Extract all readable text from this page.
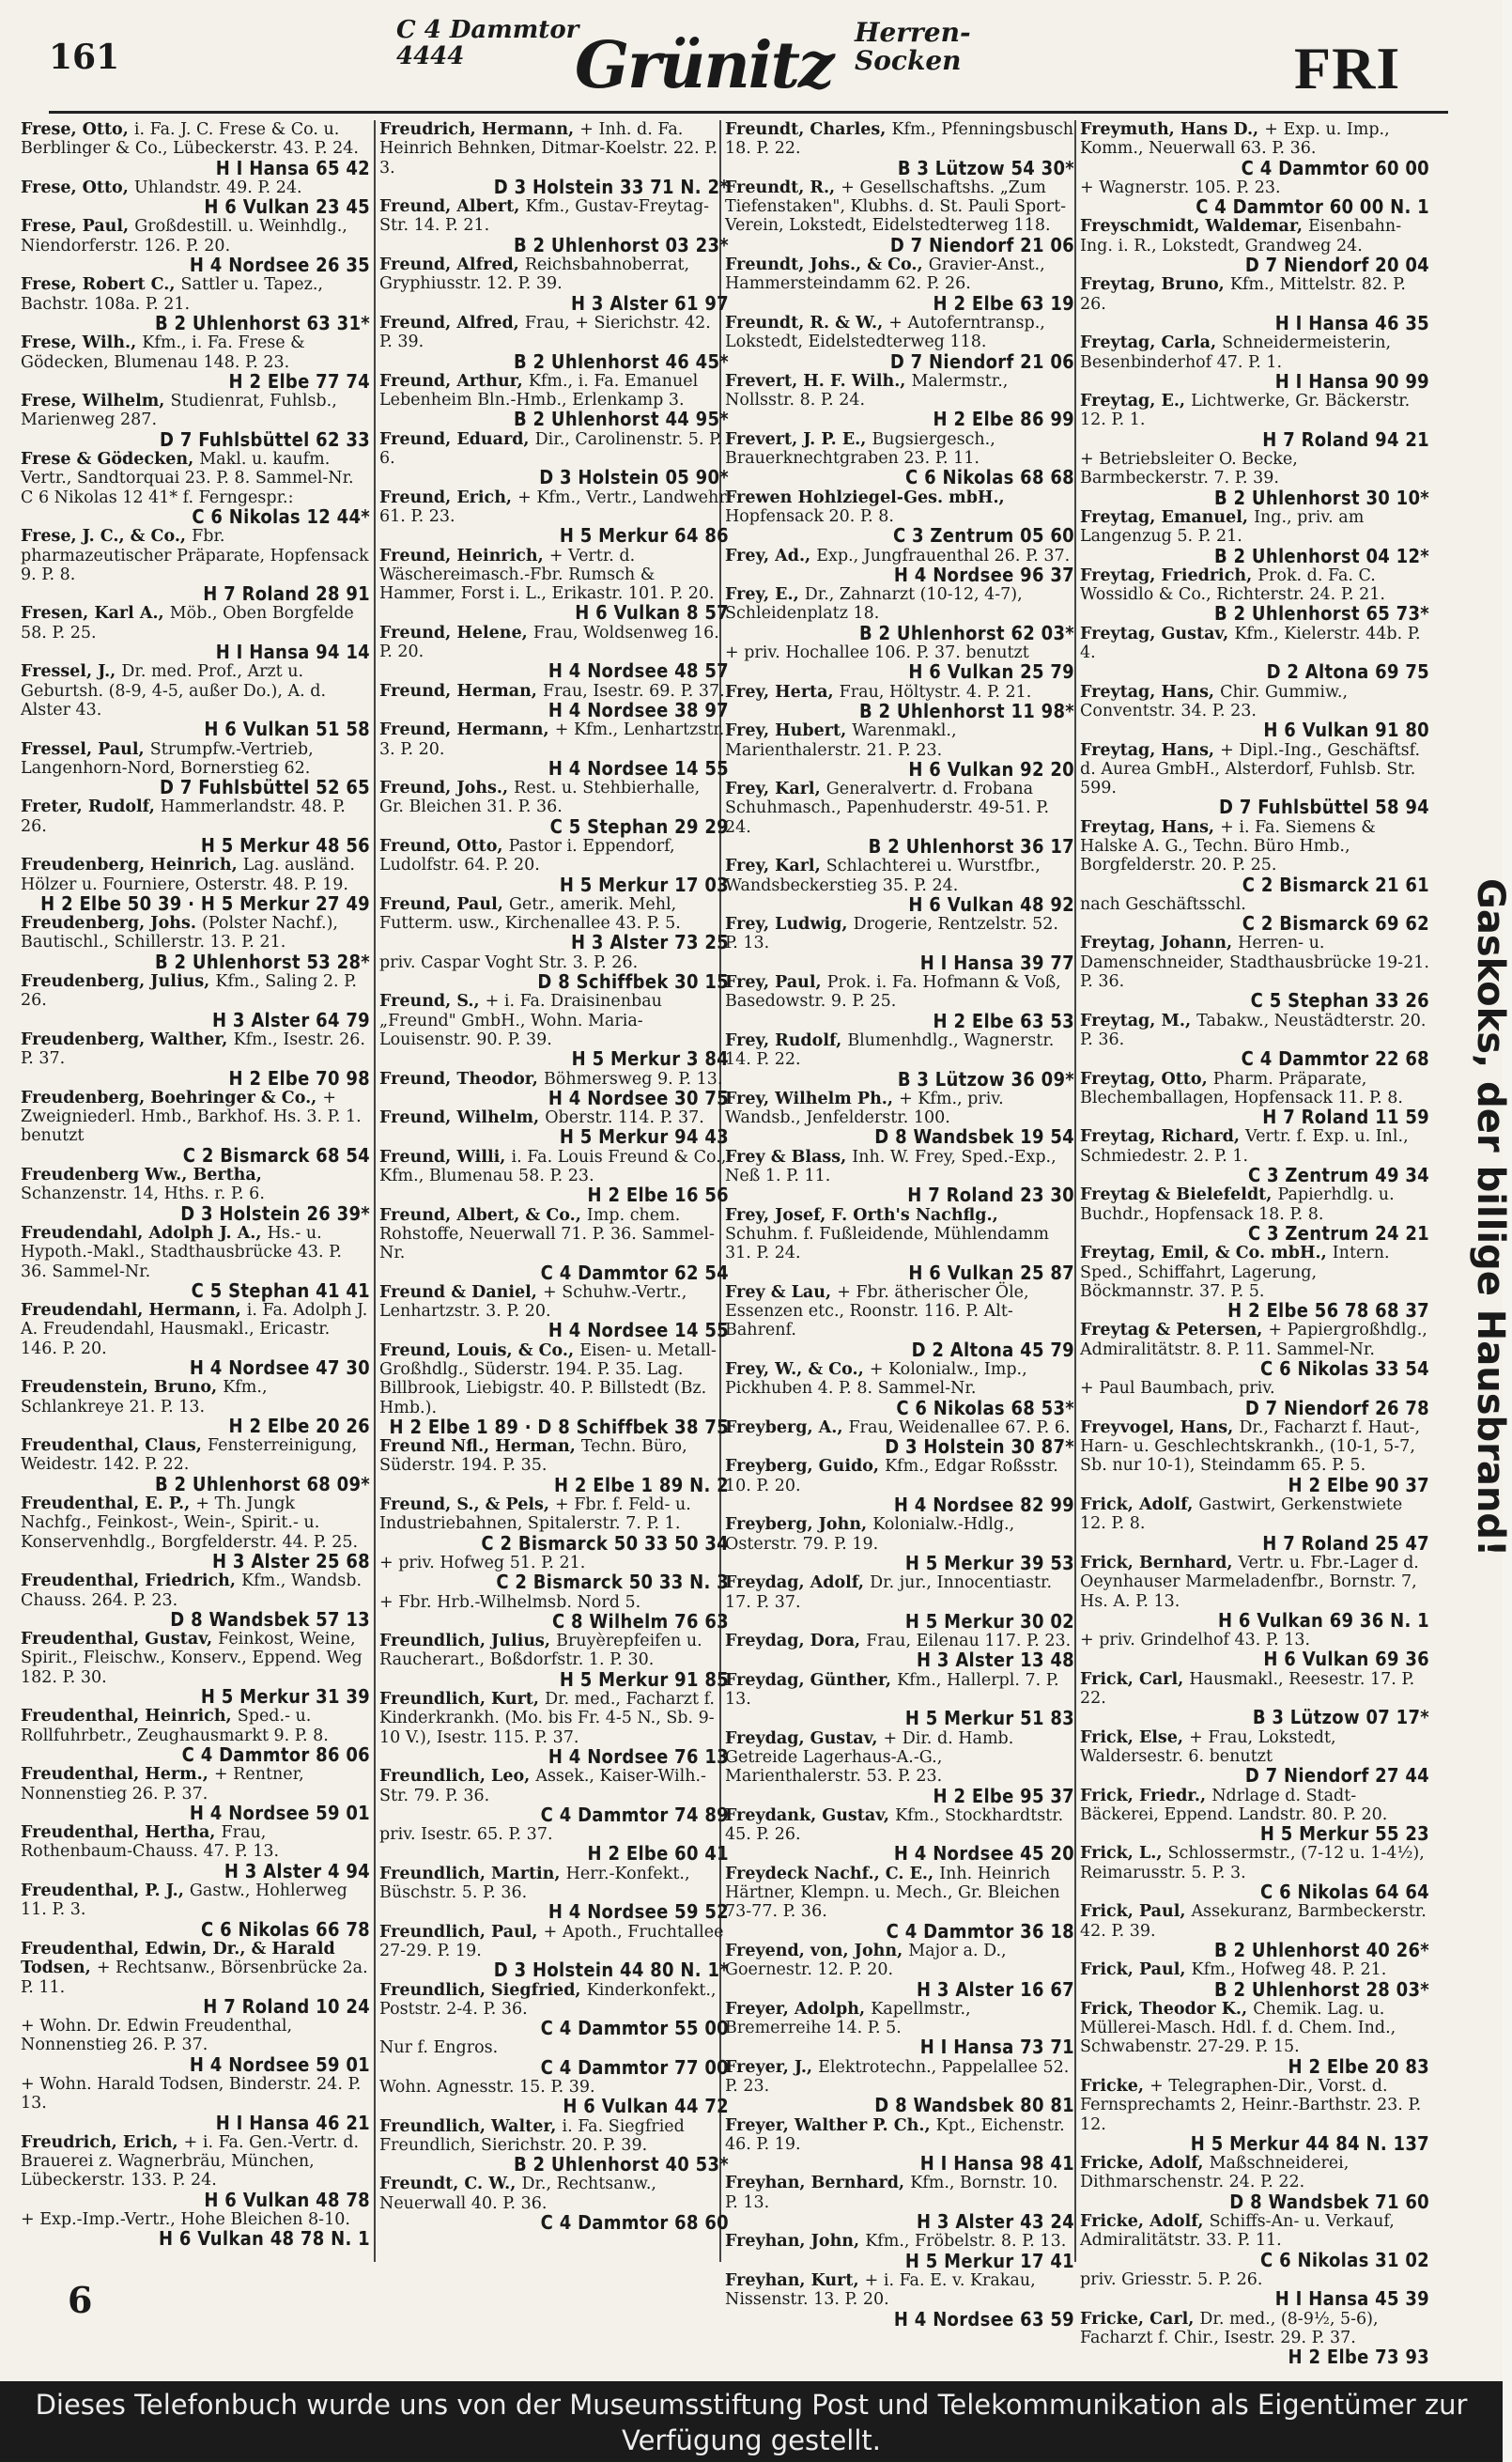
161
C 4 Dammtor
4444	Grünitz Herren-
Socken	FRI
Frese, Otto, i. Fa. J. C. Frese & Co. u. Berblinger & Co., Lübeckerstr. 43. P. 24.
H I Hansa 65 42
Frese, Otto, Uhlandstr. 49. P. 24.
H 6 Vulkan 23 45
Frese, Paul, Großdestill. u. Weinhdlg., Niendorferstr. 126. P. 20.
H 4 Nordsee 26 35
Frese, Robert C., Sattler u. Tapez., Bachstr. 108a. P. 21.
B 2 Uhlenhorst 63 31*
Frese, Wilh., Kfm., i. Fa. Frese & Gödecken, Blumenau 148. P. 23.
H 2 Elbe 77 74
Frese, Wilhelm, Studienrat, Fuhlsb., Marienweg 287.
D 7 Fuhlsbüttel 62 33
Frese & Gödecken, Makl. u. kaufm. Vertr., Sandtorquai 23. P. 8. Sammel-Nr. C 6 Nikolas 12 41* f. Ferngespr.:
C 6 Nikolas 12 44*
Frese, J. C., & Co., Fbr. pharmazeutischer Präparate, Hopfensack 9. P. 8.
H 7 Roland 28 91
Fresen, Karl A., Möb., Oben Borgfelde 58. P. 25.
H I Hansa 94 14
Fressel, J., Dr. med. Prof., Arzt u. Geburtsh. (8-9, 4-5, außer Do.), A. d. Alster 43.
H 6 Vulkan 51 58
Fressel, Paul, Strumpfw.-Vertrieb, Langenhorn-Nord, Bornerstieg 62.
D 7 Fuhlsbüttel 52 65
Freter, Rudolf, Hammerlandstr. 48. P. 26.
H 5 Merkur 48 56
Freudenberg, Heinrich, Lag. ausländ. Hölzer u. Fourniere, Osterstr. 48. P. 19.
H 2 Elbe 50 39 · H 5 Merkur 27 49
Freudenberg, Johs. (Polster Nachf.), Bautischl., Schillerstr. 13. P. 21.
B 2 Uhlenhorst 53 28*
Freudenberg, Julius, Kfm., Saling 2. P. 26.
H 3 Alster 64 79
Freudenberg, Walther, Kfm., Isestr. 26. P. 37.
H 2 Elbe 70 98
Freudenberg, Boehringer & Co., + Zweigniederl. Hmb., Barkhof. Hs. 3. P. 1. benutzt
C 2 Bismarck 68 54
Freudenberg Ww., Bertha, Schanzenstr. 14, Hths. r. P. 6.
D 3 Holstein 26 39*
Freudendahl, Adolph J. A., Hs.- u. Hypoth.-Makl., Stadthausbrücke 43. P. 36. Sammel-Nr.
C 5 Stephan 41 41
Freudendahl, Hermann, i. Fa. Adolph J. A. Freudendahl, Hausmakl., Ericastr. 146. P. 20.
H 4 Nordsee 47 30
Freudenstein, Bruno, Kfm., Schlankreye 21. P. 13.
H 2 Elbe 20 26
Freudenthal, Claus, Fensterreinigung, Weidestr. 142. P. 22.
B 2 Uhlenhorst 68 09*
Freudenthal, E. P., + Th. Jungk Nachfg., Feinkost-, Wein-, Spirit.- u. Konservenhdlg., Borgfelderstr. 44. P. 25.
H 3 Alster 25 68
Freudenthal, Friedrich, Kfm., Wandsb. Chauss. 264. P. 23.
D 8 Wandsbek 57 13
Freudenthal, Gustav, Feinkost, Weine, Spirit., Fleischw., Konserv., Eppend. Weg 182. P. 30.
H 5 Merkur 31 39
Freudenthal, Heinrich, Sped.- u. Rollfuhrbetr., Zeughausmarkt 9. P. 8.
C 4 Dammtor 86 06
Freudenthal, Herm., + Rentner, Nonnenstieg 26. P. 37.
H 4 Nordsee 59 01
Freudenthal, Hertha, Frau, Rothenbaum-Chauss. 47. P. 13.
H 3 Alster 4 94
Freudenthal, P. J., Gastw., Hohlerweg 11. P. 3.
C 6 Nikolas 66 78
Freudenthal, Edwin, Dr., & Harald Todsen, + Rechtsanw., Börsenbrücke 2a. P. 11.
H 7 Roland 10 24
+ Wohn. Dr. Edwin Freudenthal, Nonnenstieg 26. P. 37.
H 4 Nordsee 59 01
+ Wohn. Harald Todsen, Binderstr. 24. P. 13.
H I Hansa 46 21
Freudrich, Erich, + i. Fa. Gen.-Vertr. d. Brauerei z. Wagnerbräu, München, Lübeckerstr. 133. P. 24.
H 6 Vulkan 48 78
+ Exp.-Imp.-Vertr., Hohe Bleichen 8-10.
H 6 Vulkan 48 78 N. 1
Freudrich, Hermann, + Inh. d. Fa. Heinrich Behnken, Ditmar-Koelstr. 22. P. 3.
D 3 Holstein 33 71 N. 2*
Freund, Albert, Kfm., Gustav-Freytag-Str. 14. P. 21.
B 2 Uhlenhorst 03 23*
Freund, Alfred, Reichsbahnoberrat, Gryphiusstr. 12. P. 39.
H 3 Alster 61 97
Freund, Alfred, Frau, + Sierichstr. 42. P. 39.
B 2 Uhlenhorst 46 45*
Freund, Arthur, Kfm., i. Fa. Emanuel Lebenheim Bln.-Hmb., Erlenkamp 3.
B 2 Uhlenhorst 44 95*
Freund, Eduard, Dir., Carolinenstr. 5. P. 6.
D 3 Holstein 05 90*
Freund, Erich, + Kfm., Vertr., Landwehr 61. P. 23.
H 5 Merkur 64 86
Freund, Heinrich, + Vertr. d. Wäschereimasch.-Fbr. Rumsch & Hammer, Forst i. L., Erikastr. 101. P. 20.
H 6 Vulkan 8 57
Freund, Helene, Frau, Woldsenweg 16. P. 20.
H 4 Nordsee 48 57
Freund, Herman, Frau, Isestr. 69. P. 37.
H 4 Nordsee 38 97
Freund, Hermann, + Kfm., Lenhartzstr. 3. P. 20.
H 4 Nordsee 14 55
Freund, Johs., Rest. u. Stehbierhalle, Gr. Bleichen 31. P. 36.
C 5 Stephan 29 29
Freund, Otto, Pastor i. Eppendorf, Ludolfstr. 64. P. 20.
H 5 Merkur 17 03
Freund, Paul, Getr., amerik. Mehl, Futterm. usw., Kirchenallee 43. P. 5.
H 3 Alster 73 25
priv. Caspar Voght Str. 3. P. 26.
D 8 Schiffbek 30 15
Freund, S., + i. Fa. Draisinenbau „Freund" GmbH., Wohn. Maria-Louisenstr. 90. P. 39.
H 5 Merkur 3 84
Freund, Theodor, Böhmersweg 9. P. 13.
H 4 Nordsee 30 75
Freund, Wilhelm, Oberstr. 114. P. 37.
H 5 Merkur 94 43
Freund, Willi, i. Fa. Louis Freund & Co., Kfm., Blumenau 58. P. 23.
H 2 Elbe 16 56
Freund, Albert, & Co., Imp. chem. Rohstoffe, Neuerwall 71. P. 36. Sammel-Nr.
C 4 Dammtor 62 54
Freund & Daniel, + Schuhw.-Vertr., Lenhartzstr. 3. P. 20.
H 4 Nordsee 14 55
Freund, Louis, & Co., Eisen- u. Metall-Großhdlg., Süderstr. 194. P. 35. Lag. Billbrook, Liebigstr. 40. P. Billstedt (Bz. Hmb.).
H 2 Elbe 1 89 · D 8 Schiffbek 38 75
Freund Nfl., Herman, Techn. Büro, Süderstr. 194. P. 35.
H 2 Elbe 1 89 N. 2
Freund, S., & Pels, + Fbr. f. Feld- u. Industriebahnen, Spitalerstr. 7. P. 1.
C 2 Bismarck 50 33 50 34
+ priv. Hofweg 51. P. 21.
C 2 Bismarck 50 33 N. 3
+ Fbr. Hrb.-Wilhelmsb. Nord 5.
C 8 Wilhelm 76 63
Freundlich, Julius, Bruyèrepfeifen u. Raucherart., Boßdorfstr. 1. P. 30.
H 5 Merkur 91 85
Freundlich, Kurt, Dr. med., Facharzt f. Kinderkrankh. (Mo. bis Fr. 4-5 N., Sb. 9-10 V.), Isestr. 115. P. 37.
H 4 Nordsee 76 13
Freundlich, Leo, Assek., Kaiser-Wilh.-Str. 79. P. 36.
C 4 Dammtor 74 89
priv. Isestr. 65. P. 37.
H 2 Elbe 60 41
Freundlich, Martin, Herr.-Konfekt., Büschstr. 5. P. 36.
H 4 Nordsee 59 52
Freundlich, Paul, + Apoth., Fruchtallee 27-29. P. 19.
D 3 Holstein 44 80 N. 1*
Freundlich, Siegfried, Kinderkonfekt., Poststr. 2-4. P. 36.
C 4 Dammtor 55 00
Nur f. Engros.
C 4 Dammtor 77 00
Wohn. Agnesstr. 15. P. 39.
H 6 Vulkan 44 72
Freundlich, Walter, i. Fa. Siegfried Freundlich, Sierichstr. 20. P. 39.
B 2 Uhlenhorst 40 53*
Freundt, C. W., Dr., Rechtsanw., Neuerwall 40. P. 36.
C 4 Dammtor 68 60
Freundt, Charles, Kfm., Pfenningsbusch 18. P. 22.
B 3 Lützow 54 30*
Freundt, R., + Gesellschaftshs. „Zum Tiefenstaken", Klubhs. d. St. Pauli Sport-Verein, Lokstedt, Eidelstedterweg 118.
D 7 Niendorf 21 06
Freundt, Johs., & Co., Gravier-Anst., Hammersteindamm 62. P. 26.
H 2 Elbe 63 19
Freundt, R. & W., + Autoferntransp., Lokstedt, Eidelstedterweg 118.
D 7 Niendorf 21 06
Frevert, H. F. Wilh., Malermstr., Nollsstr. 8. P. 24.
H 2 Elbe 86 99
Frevert, J. P. E., Bugsiergesch., Brauerknechtgraben 23. P. 11.
C 6 Nikolas 68 68
Frewen Hohlziegel-Ges. mbH., Hopfensack 20. P. 8.
C 3 Zentrum 05 60
Frey, Ad., Exp., Jungfrauenthal 26. P. 37.
H 4 Nordsee 96 37
Frey, E., Dr., Zahnarzt (10-12, 4-7), Schleidenplatz 18.
B 2 Uhlenhorst 62 03*
+ priv. Hochallee 106. P. 37. benutzt
H 6 Vulkan 25 79
Frey, Herta, Frau, Höltystr. 4. P. 21.
B 2 Uhlenhorst 11 98*
Frey, Hubert, Warenmakl., Marienthalerstr. 21. P. 23.
H 6 Vulkan 92 20
Frey, Karl, Generalvertr. d. Frobana Schuhmasch., Papenhuderstr. 49-51. P. 24.
B 2 Uhlenhorst 36 17
Frey, Karl, Schlachterei u. Wurstfbr., Wandsbeckerstieg 35. P. 24.
H 6 Vulkan 48 92
Frey, Ludwig, Drogerie, Rentzelstr. 52. P. 13.
H I Hansa 39 77
Frey, Paul, Prok. i. Fa. Hofmann & Voß, Basedowstr. 9. P. 25.
H 2 Elbe 63 53
Frey, Rudolf, Blumenhdlg., Wagnerstr. 14. P. 22.
B 3 Lützow 36 09*
Frey, Wilhelm Ph., + Kfm., priv. Wandsb., Jenfelderstr. 100.
D 8 Wandsbek 19 54
Frey & Blass, Inh. W. Frey, Sped.-Exp., Neß 1. P. 11.
H 7 Roland 23 30
Frey, Josef, F. Orth's Nachflg., Schuhm. f. Fußleidende, Mühlendamm 31. P. 24.
H 6 Vulkan 25 87
Frey & Lau, + Fbr. ätherischer Öle, Essenzen etc., Roonstr. 116. P. Alt-Bahrenf.
D 2 Altona 45 79
Frey, W., & Co., + Kolonialw., Imp., Pickhuben 4. P. 8. Sammel-Nr.
C 6 Nikolas 68 53*
Freyberg, A., Frau, Weidenallee 67. P. 6.
D 3 Holstein 30 87*
Freyberg, Guido, Kfm., Edgar Roßsstr. 10. P. 20.
H 4 Nordsee 82 99
Freyberg, John, Kolonialw.-Hdlg., Osterstr. 79. P. 19.
H 5 Merkur 39 53
Freydag, Adolf, Dr. jur., Innocentiastr. 17. P. 37.
H 5 Merkur 30 02
Freydag, Dora, Frau, Eilenau 117. P. 23.
H 3 Alster 13 48
Freydag, Günther, Kfm., Hallerpl. 7. P. 13.
H 5 Merkur 51 83
Freydag, Gustav, + Dir. d. Hamb. Getreide Lagerhaus-A.-G., Marienthalerstr. 53. P. 23.
H 2 Elbe 95 37
Freydank, Gustav, Kfm., Stockhardtstr. 45. P. 26.
H 4 Nordsee 45 20
Freydeck Nachf., C. E., Inh. Heinrich Härtner, Klempn. u. Mech., Gr. Bleichen 73-77. P. 36.
C 4 Dammtor 36 18
Freyend, von, John, Major a. D., Goernestr. 12. P. 20.
H 3 Alster 16 67
Freyer, Adolph, Kapellmstr., Bremerreihe 14. P. 5.
H I Hansa 73 71
Freyer, J., Elektrotechn., Pappelallee 52. P. 23.
D 8 Wandsbek 80 81
Freyer, Walther P. Ch., Kpt., Eichenstr. 46. P. 19.
H I Hansa 98 41
Freyhan, Bernhard, Kfm., Bornstr. 10. P. 13.
H 3 Alster 43 24
Freyhan, John, Kfm., Fröbelstr. 8. P. 13.
H 5 Merkur 17 41
Freyhan, Kurt, + i. Fa. E. v. Krakau, Nissenstr. 13. P. 20.
H 4 Nordsee 63 59
Freymuth, Hans D., + Exp. u. Imp., Komm., Neuerwall 63. P. 36.
C 4 Dammtor 60 00
+ Wagnerstr. 105. P. 23.
C 4 Dammtor 60 00 N. 1
Freyschmidt, Waldemar, Eisenbahn-Ing. i. R., Lokstedt, Grandweg 24.
D 7 Niendorf 20 04
Freytag, Bruno, Kfm., Mittelstr. 82. P. 26.
H I Hansa 46 35
Freytag, Carla, Schneidermeisterin, Besenbinderhof 47. P. 1.
H I Hansa 90 99
Freytag, E., Lichtwerke, Gr. Bäckerstr. 12. P. 1.
H 7 Roland 94 21
+ Betriebsleiter O. Becke, Barmbeckerstr. 7. P. 39.
B 2 Uhlenhorst 30 10*
Freytag, Emanuel, Ing., priv. am Langenzug 5. P. 21.
B 2 Uhlenhorst 04 12*
Freytag, Friedrich, Prok. d. Fa. C. Wossidlo & Co., Richterstr. 24. P. 21.
B 2 Uhlenhorst 65 73*
Freytag, Gustav, Kfm., Kielerstr. 44b. P. 4.
D 2 Altona 69 75
Freytag, Hans, Chir. Gummiw., Conventstr. 34. P. 23.
H 6 Vulkan 91 80
Freytag, Hans, + Dipl.-Ing., Geschäftsf. d. Aurea GmbH., Alsterdorf, Fuhlsb. Str. 599.
D 7 Fuhlsbüttel 58 94
Freytag, Hans, + i. Fa. Siemens & Halske A. G., Techn. Büro Hmb., Borgfelderstr. 20. P. 25.
C 2 Bismarck 21 61
nach Geschäftsschl.
C 2 Bismarck 69 62
Freytag, Johann, Herren- u. Damenschneider, Stadthausbrücke 19-21. P. 36.
C 5 Stephan 33 26
Freytag, M., Tabakw., Neustädterstr. 20. P. 36.
C 4 Dammtor 22 68
Freytag, Otto, Pharm. Präparate, Blechemballagen, Hopfensack 11. P. 8.
H 7 Roland 11 59
Freytag, Richard, Vertr. f. Exp. u. Inl., Schmiedestr. 2. P. 1.
C 3 Zentrum 49 34
Freytag & Bielefeldt, Papierhdlg. u. Buchdr., Hopfensack 18. P. 8.
C 3 Zentrum 24 21
Freytag, Emil, & Co. mbH., Intern. Sped., Schiffahrt, Lagerung, Böckmannstr. 37. P. 5.
H 2 Elbe 56 78 68 37
Freytag & Petersen, + Papiergroßhdlg., Admiralitätstr. 8. P. 11. Sammel-Nr.
C 6 Nikolas 33 54
+ Paul Baumbach, priv.
D 7 Niendorf 26 78
Freyvogel, Hans, Dr., Facharzt f. Haut-, Harn- u. Geschlechtskrankh., (10-1, 5-7, Sb. nur 10-1), Steindamm 65. P. 5.
H 2 Elbe 90 37
Frick, Adolf, Gastwirt, Gerkenstwiete 12. P. 8.
H 7 Roland 25 47
Frick, Bernhard, Vertr. u. Fbr.-Lager d. Oeynhauser Marmeladenfbr., Bornstr. 7, Hs. A. P. 13.
H 6 Vulkan 69 36 N. 1
+ priv. Grindelhof 43. P. 13.
H 6 Vulkan 69 36
Frick, Carl, Hausmakl., Reesestr. 17. P. 22.
B 3 Lützow 07 17*
Frick, Else, + Frau, Lokstedt, Waldersestr. 6. benutzt
D 7 Niendorf 27 44
Frick, Friedr., Ndrlage d. Stadt-Bäckerei, Eppend. Landstr. 80. P. 20.
H 5 Merkur 55 23
Frick, L., Schlossermstr., (7-12 u. 1-4½), Reimarusstr. 5. P. 3.
C 6 Nikolas 64 64
Frick, Paul, Assekuranz, Barmbeckerstr. 42. P. 39.
B 2 Uhlenhorst 40 26*
Frick, Paul, Kfm., Hofweg 48. P. 21.
B 2 Uhlenhorst 28 03*
Frick, Theodor K., Chemik. Lag. u. Müllerei-Masch. Hdl. f. d. Chem. Ind., Schwabenstr. 27-29. P. 15.
H 2 Elbe 20 83
Fricke, + Telegraphen-Dir., Vorst. d. Fernsprechamts 2, Heinr.-Barthstr. 23. P. 12.
H 5 Merkur 44 84 N. 137
Fricke, Adolf, Maßschneiderei, Dithmarschenstr. 24. P. 22.
D 8 Wandsbek 71 60
Fricke, Adolf, Schiffs-An- u. Verkauf, Admiralitätstr. 33. P. 11.
C 6 Nikolas 31 02
priv. Griesstr. 5. P. 26.
H I Hansa 45 39
Fricke, Carl, Dr. med., (8-9½, 5-6), Facharzt f. Chir., Isestr. 29. P. 37.
H 2 Elbe 73 93
Gaskoks, der billige Hausbrand!
6
Dieses Telefonbuch wurde uns von der Museumsstiftung Post und Telekommunikation als Eigentümer zur Verfügung gestellt.
